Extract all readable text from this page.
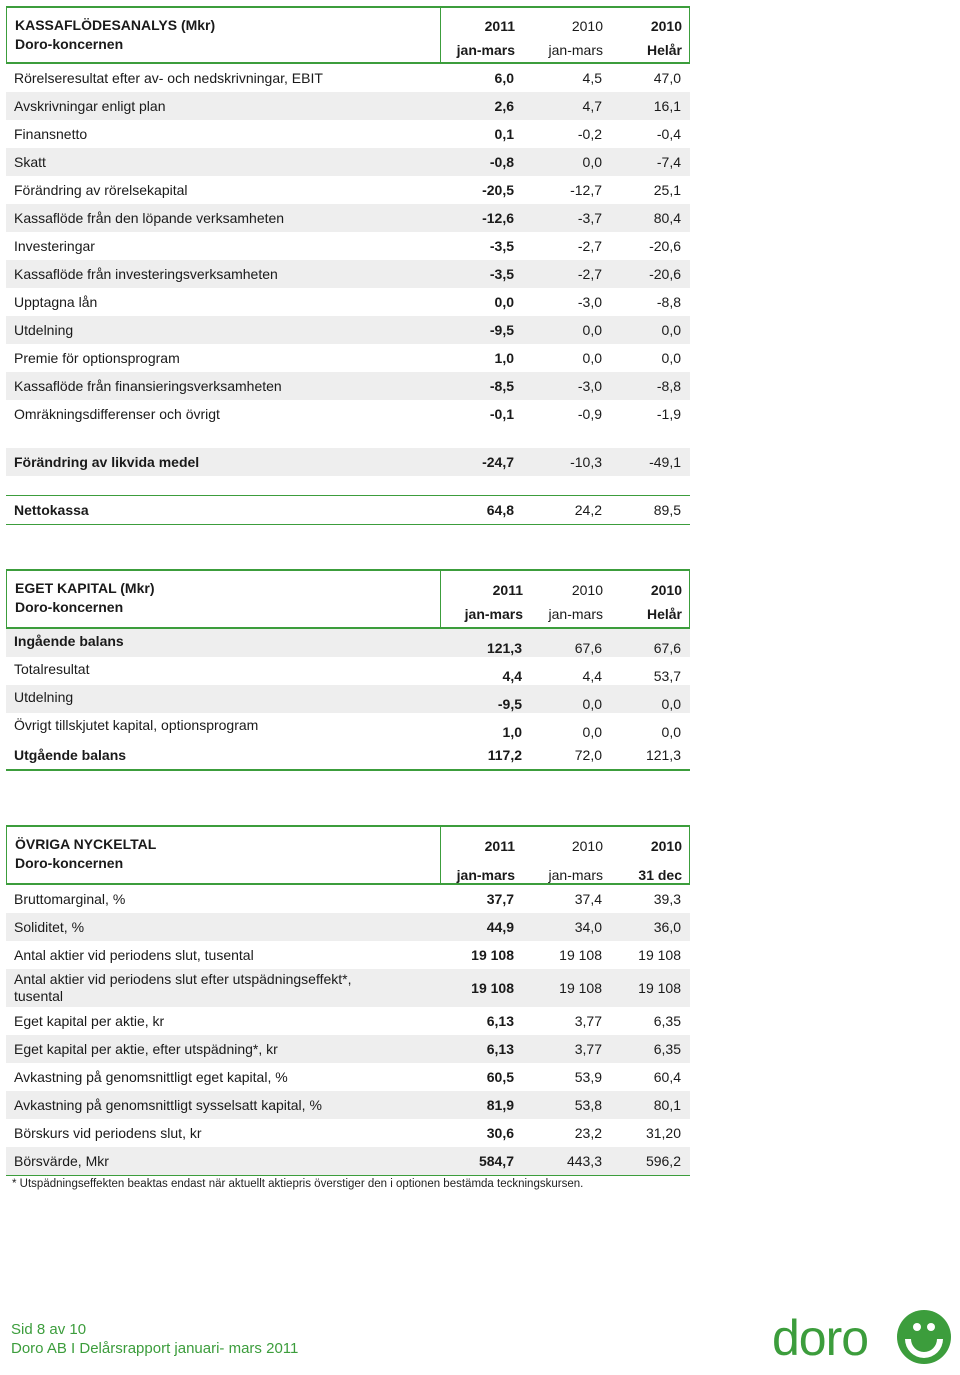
KASSAFLÖDESANALYS (Mkr)
Doro-koncernen
2011	2010	2010
jan-mars	jan-mars	Helår
Rörelseresultat efter av- och nedskrivningar, EBIT	6,0	4,5	47,0
Avskrivningar enligt plan	2,6	4,7	16,1
Finansnetto	0,1	-0,2	-0,4
Skatt	-0,8	0,0	-7,4
Förändring av rörelsekapital	-20,5	-12,7	25,1
Kassaflöde från den löpande verksamheten	-12,6	-3,7	80,4
Investeringar	-3,5	-2,7	-20,6
Kassaflöde från investeringsverksamheten	-3,5	-2,7	-20,6
Upptagna lån	0,0	-3,0	-8,8
Utdelning	-9,5	0,0	0,0
Premie för optionsprogram	1,0	0,0	0,0
Kassaflöde från finansieringsverksamheten	-8,5	-3,0	-8,8
Omräkningsdifferenser och övrigt	-0,1	-0,9	-1,9
Förändring av likvida medel	-24,7	-10,3	-49,1
Nettokassa	64,8	24,2	89,5
EGET KAPITAL (Mkr)
Doro-koncernen
2011	2010	2010
jan-mars	jan-mars	Helår
Ingående balans	121,3	67,6	67,6
Totalresultat	4,4	4,4	53,7
Utdelning	-9,5	0,0	0,0
Övrigt tillskjutet kapital, optionsprogram	1,0	0,0	0,0
Utgående balans	117,2	72,0	121,3
ÖVRIGA NYCKELTAL
Doro-koncernen
2011	2010	2010
jan-mars	jan-mars	31 dec
Bruttomarginal, %	37,7	37,4	39,3
Soliditet, %	44,9	34,0	36,0
Antal aktier vid periodens slut, tusental	19 108	19 108	19 108
Antal aktier vid periodens slut efter utspädningseffekt*,
tusental	19 108	19 108	19 108
Eget kapital per aktie, kr	6,13	3,77	6,35
Eget kapital per aktie, efter utspädning*, kr	6,13	3,77	6,35
Avkastning på genomsnittligt eget kapital, %	60,5	53,9	60,4
Avkastning på genomsnittligt sysselsatt kapital, %	81,9	53,8	80,1
Börskurs vid periodens slut, kr	30,6	23,2	31,20
Börsvärde, Mkr	584,7	443,3	596,2
* Utspädningseffekten beaktas endast när aktuellt aktiepris överstiger den i optionen bestämda teckningskursen.
Sid 8 av 10
Doro AB I Delårsrapport januari- mars 2011	doro
